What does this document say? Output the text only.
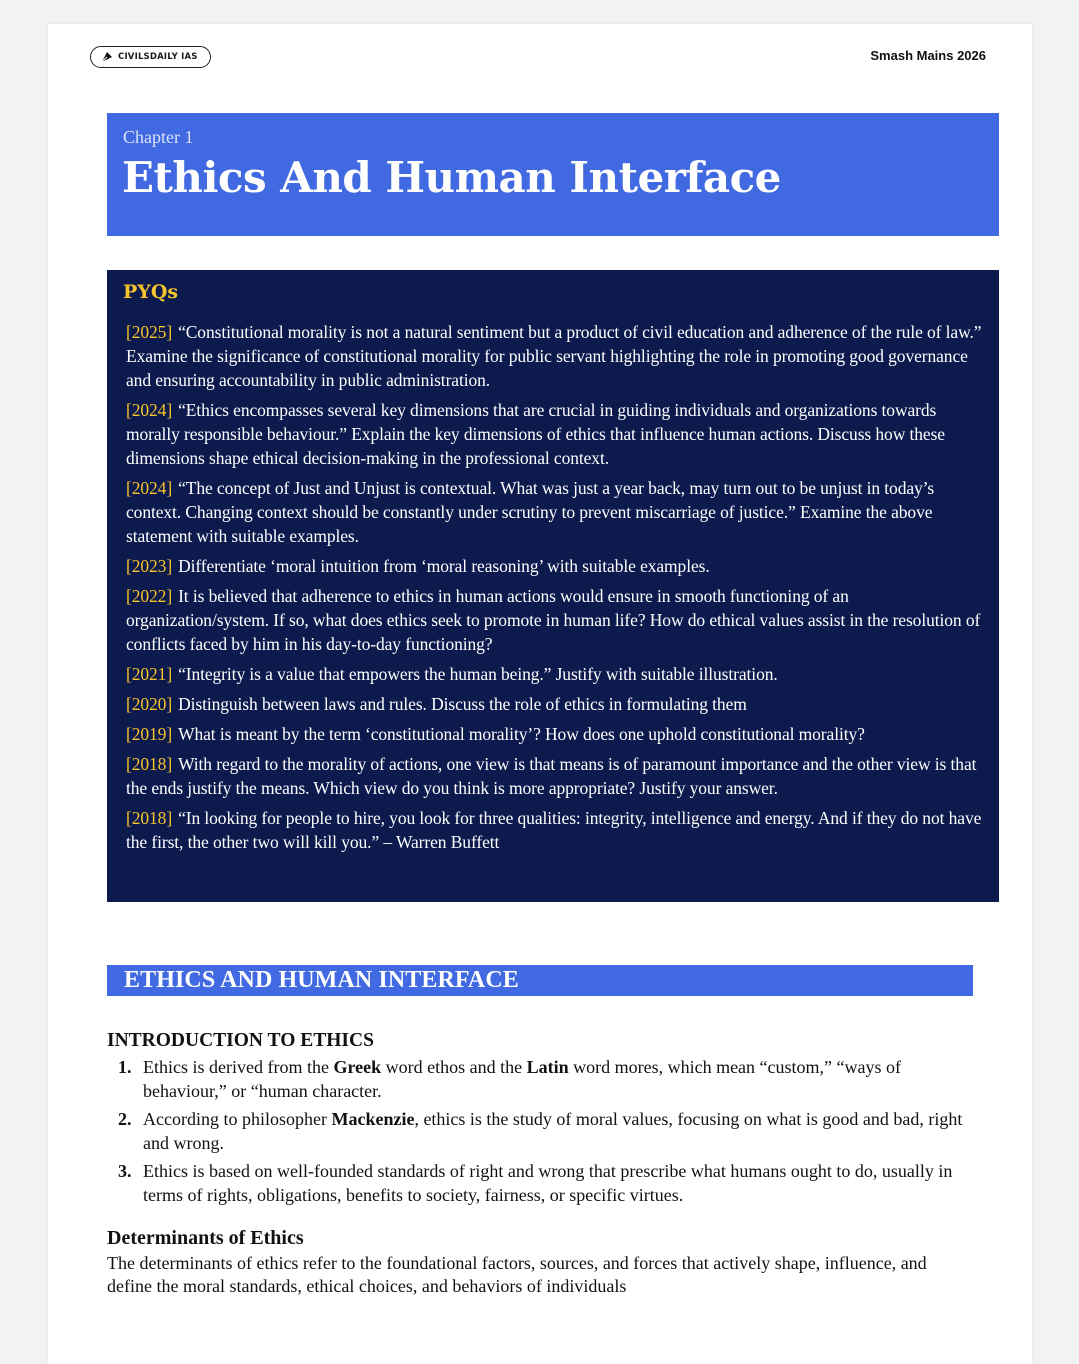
CIVILSDAILY IAS	Smash Mains 2026
Chapter 1
Ethics And Human Interface
PYQs
[2025] “Constitutional morality is not a natural sentiment but a product of civil education and adherence of the rule of law.” Examine the significance of constitutional morality for public servant highlighting the role in promoting good governance and ensuring accountability in public administration.
[2024] “Ethics encompasses several key dimensions that are crucial in guiding individuals and organizations towards morally responsible behaviour.” Explain the key dimensions of ethics that influence human actions. Discuss how these dimensions shape ethical decision-making in the professional context.
[2024] “The concept of Just and Unjust is contextual. What was just a year back, may turn out to be unjust in today’s context. Changing context should be constantly under scrutiny to prevent miscarriage of justice.” Examine the above statement with suitable examples.
[2023] Differentiate ‘moral intuition from ‘moral reasoning’ with suitable examples.
[2022] It is believed that adherence to ethics in human actions would ensure in smooth functioning of an organization/system. If so, what does ethics seek to promote in human life? How do ethical values assist in the resolution of conflicts faced by him in his day-to-day functioning?
[2021] “Integrity is a value that empowers the human being.” Justify with suitable illustration.
[2020] Distinguish between laws and rules. Discuss the role of ethics in formulating them
[2019] What is meant by the term ‘constitutional morality’? How does one uphold constitutional morality?
[2018] With regard to the morality of actions, one view is that means is of paramount importance and the other view is that the ends justify the means. Which view do you think is more appropriate? Justify your answer.
[2018] “In looking for people to hire, you look for three qualities: integrity, intelligence and energy. And if they do not have the first, the other two will kill you.” – Warren Buffett
ETHICS AND HUMAN INTERFACE
INTRODUCTION TO ETHICS
1. Ethics is derived from the Greek word ethos and the Latin word mores, which mean “custom,” “ways of behaviour,” or “human character.
2. According to philosopher Mackenzie, ethics is the study of moral values, focusing on what is good and bad, right and wrong.
3. Ethics is based on well-founded standards of right and wrong that prescribe what humans ought to do, usually in terms of rights, obligations, benefits to society, fairness, or specific virtues.
Determinants of Ethics
The determinants of ethics refer to the foundational factors, sources, and forces that actively shape, influence, and define the moral standards, ethical choices, and behaviors of individuals
